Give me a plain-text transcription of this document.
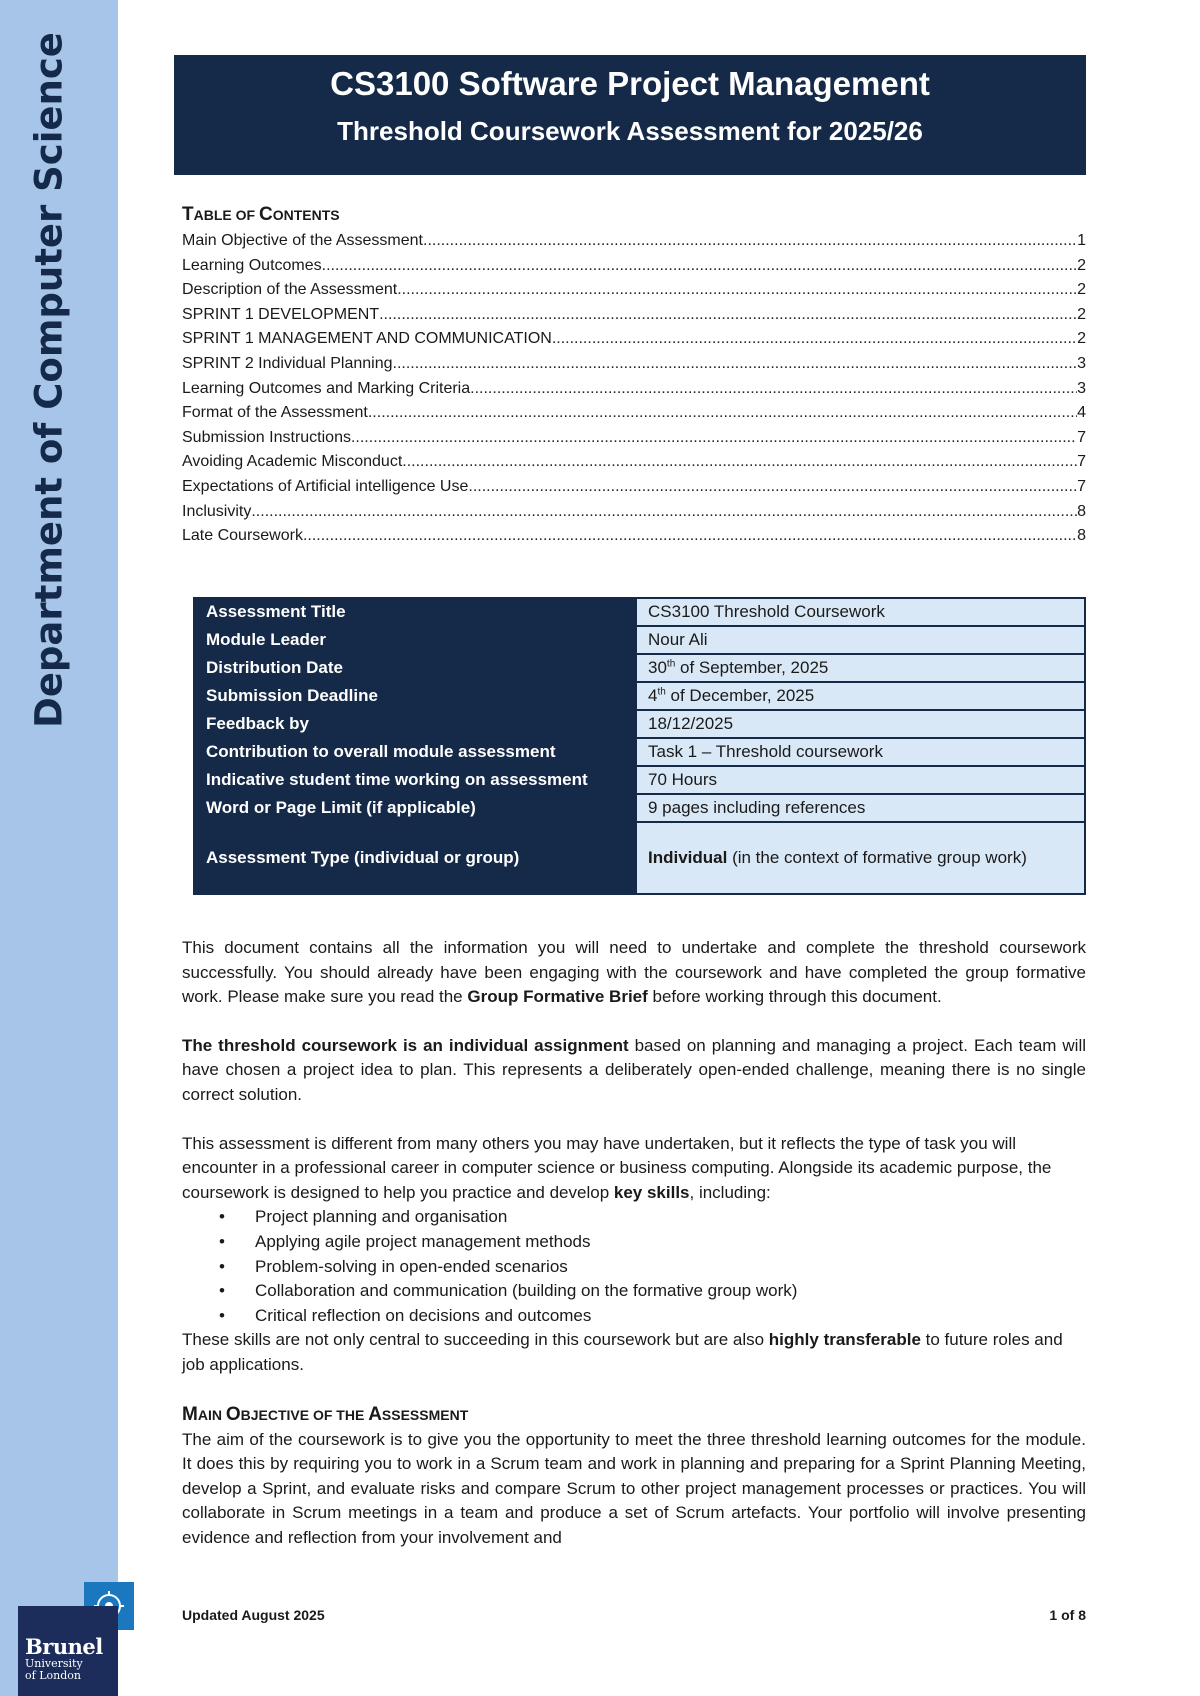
Department of Computer Science
Brunel
University
of London
CS3100 Software Project Management
Threshold Coursework Assessment for 2025/26
TABLE OF CONTENTS
Main Objective of the Assessment .....	1
Learning Outcomes .....	2
Description of the Assessment .....	2
SPRINT 1 DEVELOPMENT .....	2
SPRINT 1 MANAGEMENT AND COMMUNICATION .....	2
SPRINT 2 Individual Planning .....	3
Learning Outcomes and Marking Criteria .....	3
Format of the Assessment .....	4
Submission Instructions .....	7
Avoiding Academic Misconduct .....	7
Expectations of Artificial intelligence Use .....	7
Inclusivity .....	8
Late Coursework .....	8
Assessment Title	CS3100 Threshold Coursework
Module Leader	Nour Ali
Distribution Date	30th of September, 2025
Submission Deadline	4th of December, 2025
Feedback by	18/12/2025
Contribution to overall module assessment	Task 1 – Threshold coursework
Indicative student time working on assessment	70 Hours
Word or Page Limit (if applicable)	9 pages including references
Assessment Type (individual or group)	Individual (in the context of formative group work)

This document contains all the information you will need to undertake and complete the threshold coursework successfully. You should already have been engaging with the coursework and have completed the group formative work. Please make sure you read the Group Formative Brief before working through this document.

The threshold coursework is an individual assignment based on planning and managing a project. Each team will have chosen a project idea to plan. This represents a deliberately open-ended challenge, meaning there is no single correct solution.

This assessment is different from many others you may have undertaken, but it reflects the type of task you will encounter in a professional career in computer science or business computing. Alongside its academic purpose, the coursework is designed to help you practice and develop key skills, including:

• Project planning and organisation
• Applying agile project management methods
• Problem-solving in open-ended scenarios
• Collaboration and communication (building on the formative group work)
• Critical reflection on decisions and outcomes

These skills are not only central to succeeding in this coursework but are also highly transferable to future roles and job applications.

MAIN OBJECTIVE OF THE ASSESSMENT

The aim of the coursework is to give you the opportunity to meet the three threshold learning outcomes for the module. It does this by requiring you to work in a Scrum team and work in planning and preparing for a Sprint Planning Meeting, develop a Sprint, and evaluate risks and compare Scrum to other project management processes or practices. You will collaborate in Scrum meetings in a team and produce a set of Scrum artefacts. Your portfolio will involve presenting evidence and reflection from your involvement and

Updated August 2025	1 of 8
